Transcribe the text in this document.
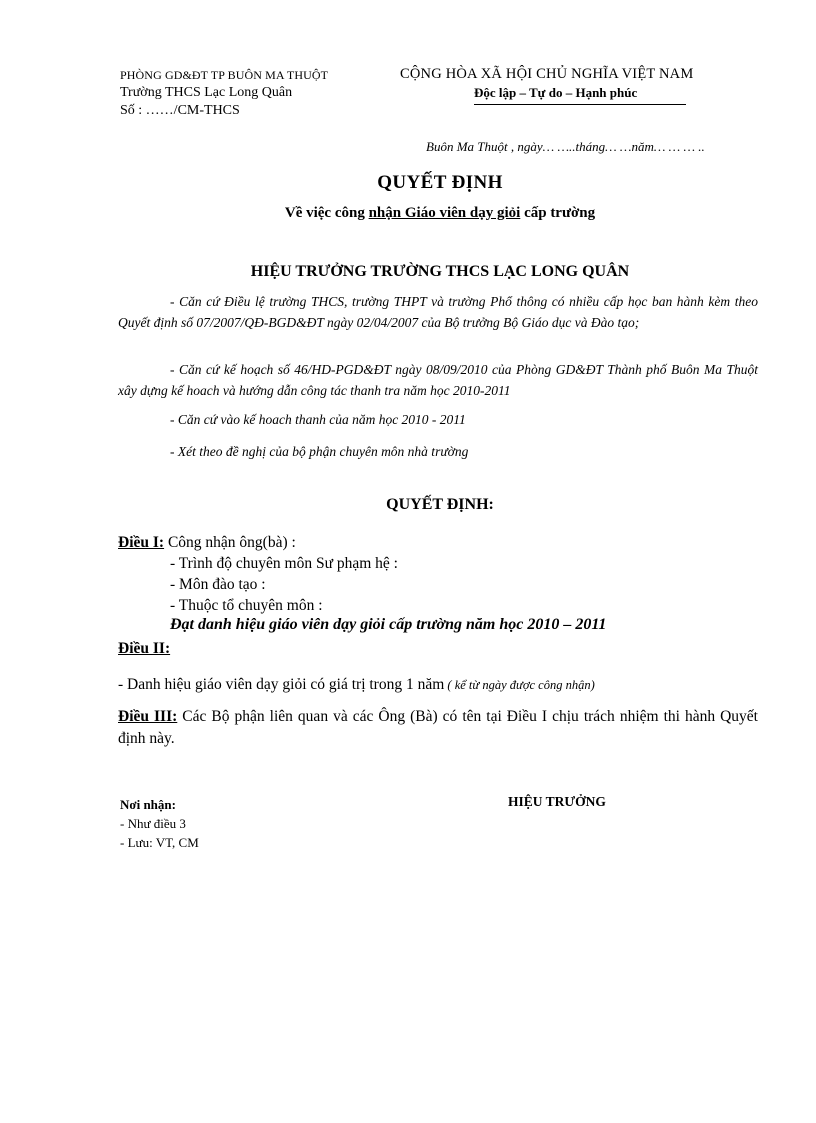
PHÒNG GD&ĐT TP BUÔN MA THUỘT
Trường THCS Lạc Long Quân
Số : ……/CM-THCS
CỘNG HÒA XÃ HỘI CHỦ NGHĨA VIỆT NAM
Độc lập – Tự do – Hạnh phúc
Buôn Ma Thuột , ngày… …..tháng… …năm… … … ..
QUYẾT ĐỊNH
Về việc công nhận Giáo viên dạy giỏi cấp trường
HIỆU TRƯỞNG TRƯỜNG THCS LẠC LONG QUÂN
- Căn cứ Điều lệ trường THCS, trường THPT và trường Phổ thông có nhiều cấp học ban hành kèm theo Quyết định số 07/2007/QĐ-BGD&ĐT ngày 02/04/2007 của Bộ trưởng Bộ Giáo dục và Đào tạo;
- Căn cứ kế hoạch số 46/HD-PGD&ĐT ngày 08/09/2010 của Phòng GD&ĐT Thành phố Buôn Ma Thuột xây dựng kế hoach và hướng dẫn công tác thanh tra năm học 2010-2011
- Căn cứ vào kế hoach thanh của năm học 2010 - 2011
- Xét theo đề nghị của bộ phận chuyên môn nhà trường
QUYẾT ĐỊNH:
Điều I: Công nhận ông(bà) :
- Trình độ chuyên môn Sư phạm hệ :
- Môn đào tạo :
- Thuộc tổ chuyên môn :
Đạt danh hiệu giáo viên dạy giỏi cấp trường năm học 2010 – 2011
Điều II:
- Danh hiệu giáo viên dạy giỏi có giá trị trong 1 năm ( kể từ ngày được công nhận)
Điều III: Các Bộ phận liên quan và các Ông (Bà) có tên tại Điều I chịu trách nhiệm thi hành Quyết định này.
Nơi nhận:
- Như điều 3
- Lưu: VT, CM
HIỆU TRƯỞNG
